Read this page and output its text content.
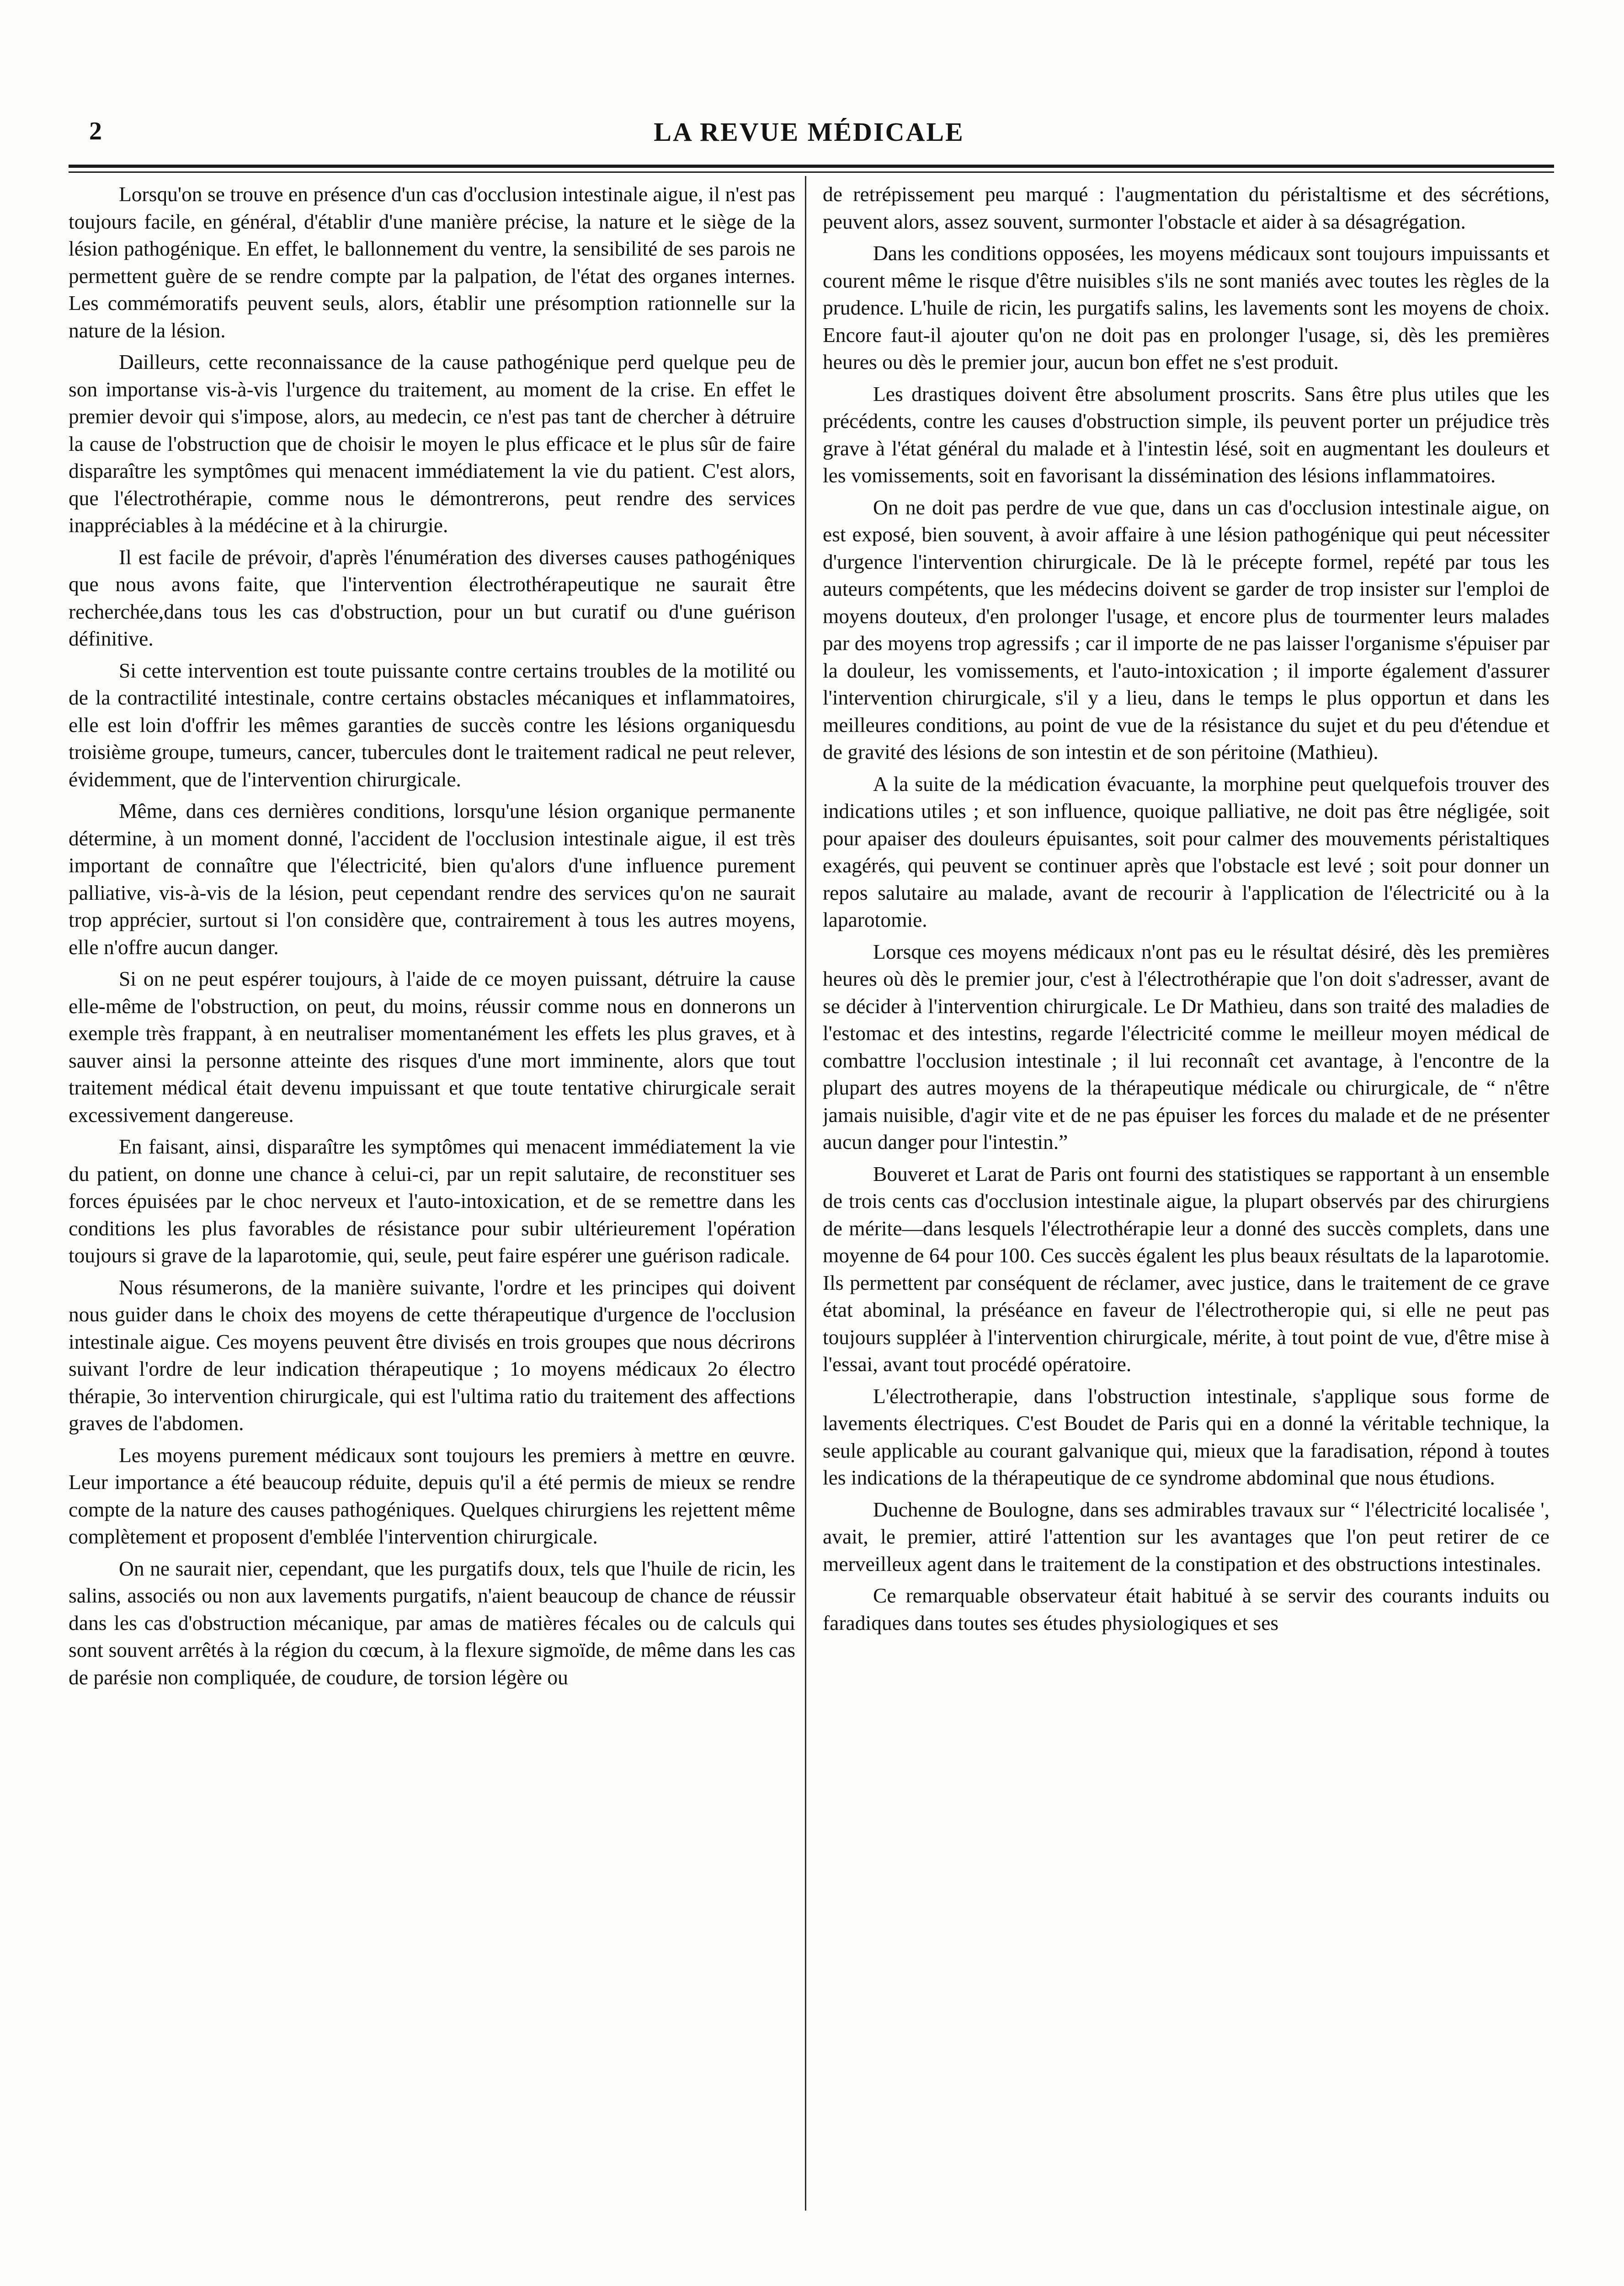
2	LA REVUE MÉDICALE

Lorsqu'on se trouve en présence d'un cas d'occlusion intestinale aigue, il n'est pas toujours facile, en général, d'établir d'une manière précise, la nature et le siège de la lésion pathogénique. En effet, le ballonnement du ventre, la sensibilité de ses parois ne permettent guère de se rendre compte par la palpation, de l'état des organes internes. Les commémoratifs peuvent seuls, alors, établir une présomption rationnelle sur la nature de la lésion.

Dailleurs, cette reconnaissance de la cause pathogénique perd quelque peu de son importanse vis-à-vis l'urgence du traitement, au moment de la crise. En effet le premier devoir qui s'impose, alors, au medecin, ce n'est pas tant de chercher à détruire la cause de l'obstruction que de choisir le moyen le plus efficace et le plus sûr de faire disparaître les symptômes qui menacent immédiatement la vie du patient. C'est alors, que l'électrothérapie, comme nous le démontrerons, peut rendre des services inappréciables à la médécine et à la chirurgie.

Il est facile de prévoir, d'après l'énumération des diverses causes pathogéniques que nous avons faite, que l'intervention électrothérapeutique ne saurait être recherchée,dans tous les cas d'obstruction, pour un but curatif ou d'une guérison définitive.

Si cette intervention est toute puissante contre certains troubles de la motilité ou de la contractilité intestinale, contre certains obstacles mécaniques et inflammatoires, elle est loin d'offrir les mêmes garanties de succès contre les lésions organiquesdu troisième groupe, tumeurs, cancer, tubercules dont le traitement radical ne peut relever, évidemment, que de l'intervention chirurgicale.

Même, dans ces dernières conditions, lorsqu'une lésion organique permanente détermine, à un moment donné, l'accident de l'occlusion intestinale aigue, il est très important de connaître que l'électricité, bien qu'alors d'une influence purement palliative, vis-à-vis de la lésion, peut cependant rendre des services qu'on ne saurait trop apprécier, surtout si l'on considère que, contrairement à tous les autres moyens, elle n'offre aucun danger.

Si on ne peut espérer toujours, à l'aide de ce moyen puissant, détruire la cause elle-même de l'obstruction, on peut, du moins, réussir comme nous en donnerons un exemple très frappant, à en neutraliser momentanément les effets les plus graves, et à sauver ainsi la personne atteinte des risques d'une mort imminente, alors que tout traitement médical était devenu impuissant et que toute tentative chirurgicale serait excessivement dangereuse.

En faisant, ainsi, disparaître les symptômes qui menacent immédiatement la vie du patient, on donne une chance à celui-ci, par un repit salutaire, de reconstituer ses forces épuisées par le choc nerveux et l'auto-intoxication, et de se remettre dans les conditions les plus favorables de résistance pour subir ultérieurement l'opération toujours si grave de la laparotomie, qui, seule, peut faire espérer une guérison radicale.

Nous résumerons, de la manière suivante, l'ordre et les principes qui doivent nous guider dans le choix des moyens de cette thérapeutique d'urgence de l'occlusion intestinale aigue. Ces moyens peuvent être divisés en trois groupes que nous décrirons suivant l'ordre de leur indication thérapeutique ; 1o moyens médicaux 2o électro thérapie, 3o intervention chirurgicale, qui est l'ultima ratio du traitement des affections graves de l'abdomen.

Les moyens purement médicaux sont toujours les premiers à mettre en œuvre. Leur importance a été beaucoup réduite, depuis qu'il a été permis de mieux se rendre compte de la nature des causes pathogéniques. Quelques chirurgiens les rejettent même complètement et proposent d'emblée l'intervention chirurgicale.

On ne saurait nier, cependant, que les purgatifs doux, tels que l'huile de ricin, les salins, associés ou non aux lavements purgatifs, n'aient beaucoup de chance de réussir dans les cas d'obstruction mécanique, par amas de matières fécales ou de calculs qui sont souvent arrêtés à la région du cœcum, à la flexure sigmoïde, de même dans les cas de parésie non compliquée, de coudure, de torsion légère ou

de retrépissement peu marqué : l'augmentation du péristaltisme et des sécrétions, peuvent alors, assez souvent, surmonter l'obstacle et aider à sa désagrégation.

Dans les conditions opposées, les moyens médicaux sont toujours impuissants et courent même le risque d'être nuisibles s'ils ne sont maniés avec toutes les règles de la prudence. L'huile de ricin, les purgatifs salins, les lavements sont les moyens de choix. Encore faut-il ajouter qu'on ne doit pas en prolonger l'usage, si, dès les premières heures ou dès le premier jour, aucun bon effet ne s'est produit.

Les drastiques doivent être absolument proscrits. Sans être plus utiles que les précédents, contre les causes d'obstruction simple, ils peuvent porter un préjudice très grave à l'état général du malade et à l'intestin lésé, soit en augmentant les douleurs et les vomissements, soit en favorisant la dissémination des lésions inflammatoires.

On ne doit pas perdre de vue que, dans un cas d'occlusion intestinale aigue, on est exposé, bien souvent, à avoir affaire à une lésion pathogénique qui peut nécessiter d'urgence l'intervention chirurgicale. De là le précepte formel, repété par tous les auteurs compétents, que les médecins doivent se garder de trop insister sur l'emploi de moyens douteux, d'en prolonger l'usage, et encore plus de tourmenter leurs malades par des moyens trop agressifs ; car il importe de ne pas laisser l'organisme s'épuiser par la douleur, les vomissements, et l'auto-intoxication ; il importe également d'assurer l'intervention chirurgicale, s'il y a lieu, dans le temps le plus opportun et dans les meilleures conditions, au point de vue de la résistance du sujet et du peu d'étendue et de gravité des lésions de son intestin et de son péritoine (Mathieu).

A la suite de la médication évacuante, la morphine peut quelquefois trouver des indications utiles ; et son influence, quoique palliative, ne doit pas être négligée, soit pour apaiser des douleurs épuisantes, soit pour calmer des mouvements péristaltiques exagérés, qui peuvent se continuer après que l'obstacle est levé ; soit pour donner un repos salutaire au malade, avant de recourir à l'application de l'électricité ou à la laparotomie.

Lorsque ces moyens médicaux n'ont pas eu le résultat désiré, dès les premières heures où dès le premier jour, c'est à l'électrothérapie que l'on doit s'adresser, avant de se décider à l'intervention chirurgicale. Le Dr Mathieu, dans son traité des maladies de l'estomac et des intestins, regarde l'électricité comme le meilleur moyen médical de combattre l'occlusion intestinale ; il lui reconnaît cet avantage, à l'encontre de la plupart des autres moyens de la thérapeutique médicale ou chirurgicale, de “ n'être jamais nuisible, d'agir vite et de ne pas épuiser les forces du malade et de ne présenter aucun danger pour l'intestin.”

Bouveret et Larat de Paris ont fourni des statistiques se rapportant à un ensemble de trois cents cas d'occlusion intestinale aigue, la plupart observés par des chirurgiens de mérite—dans lesquels l'électrothérapie leur a donné des succès complets, dans une moyenne de 64 pour 100. Ces succès égalent les plus beaux résultats de la laparotomie. Ils permettent par conséquent de réclamer, avec justice, dans le traitement de ce grave état abominal, la préséance en faveur de l'électrotheropie qui, si elle ne peut pas toujours suppléer à l'intervention chirurgicale, mérite, à tout point de vue, d'être mise à l'essai, avant tout procédé opératoire.

L'électrotherapie, dans l'obstruction intestinale, s'applique sous forme de lavements électriques. C'est Boudet de Paris qui en a donné la véritable technique, la seule applicable au courant galvanique qui, mieux que la faradisation, répond à toutes les indications de la thérapeutique de ce syndrome abdominal que nous étudions.

Duchenne de Boulogne, dans ses admirables travaux sur “ l'électricité localisée ', avait, le premier, attiré l'attention sur les avantages que l'on peut retirer de ce merveilleux agent dans le traitement de la constipation et des obstructions intestinales.

Ce remarquable observateur était habitué à se servir des courants induits ou faradiques dans toutes ses études physiologiques et ses
